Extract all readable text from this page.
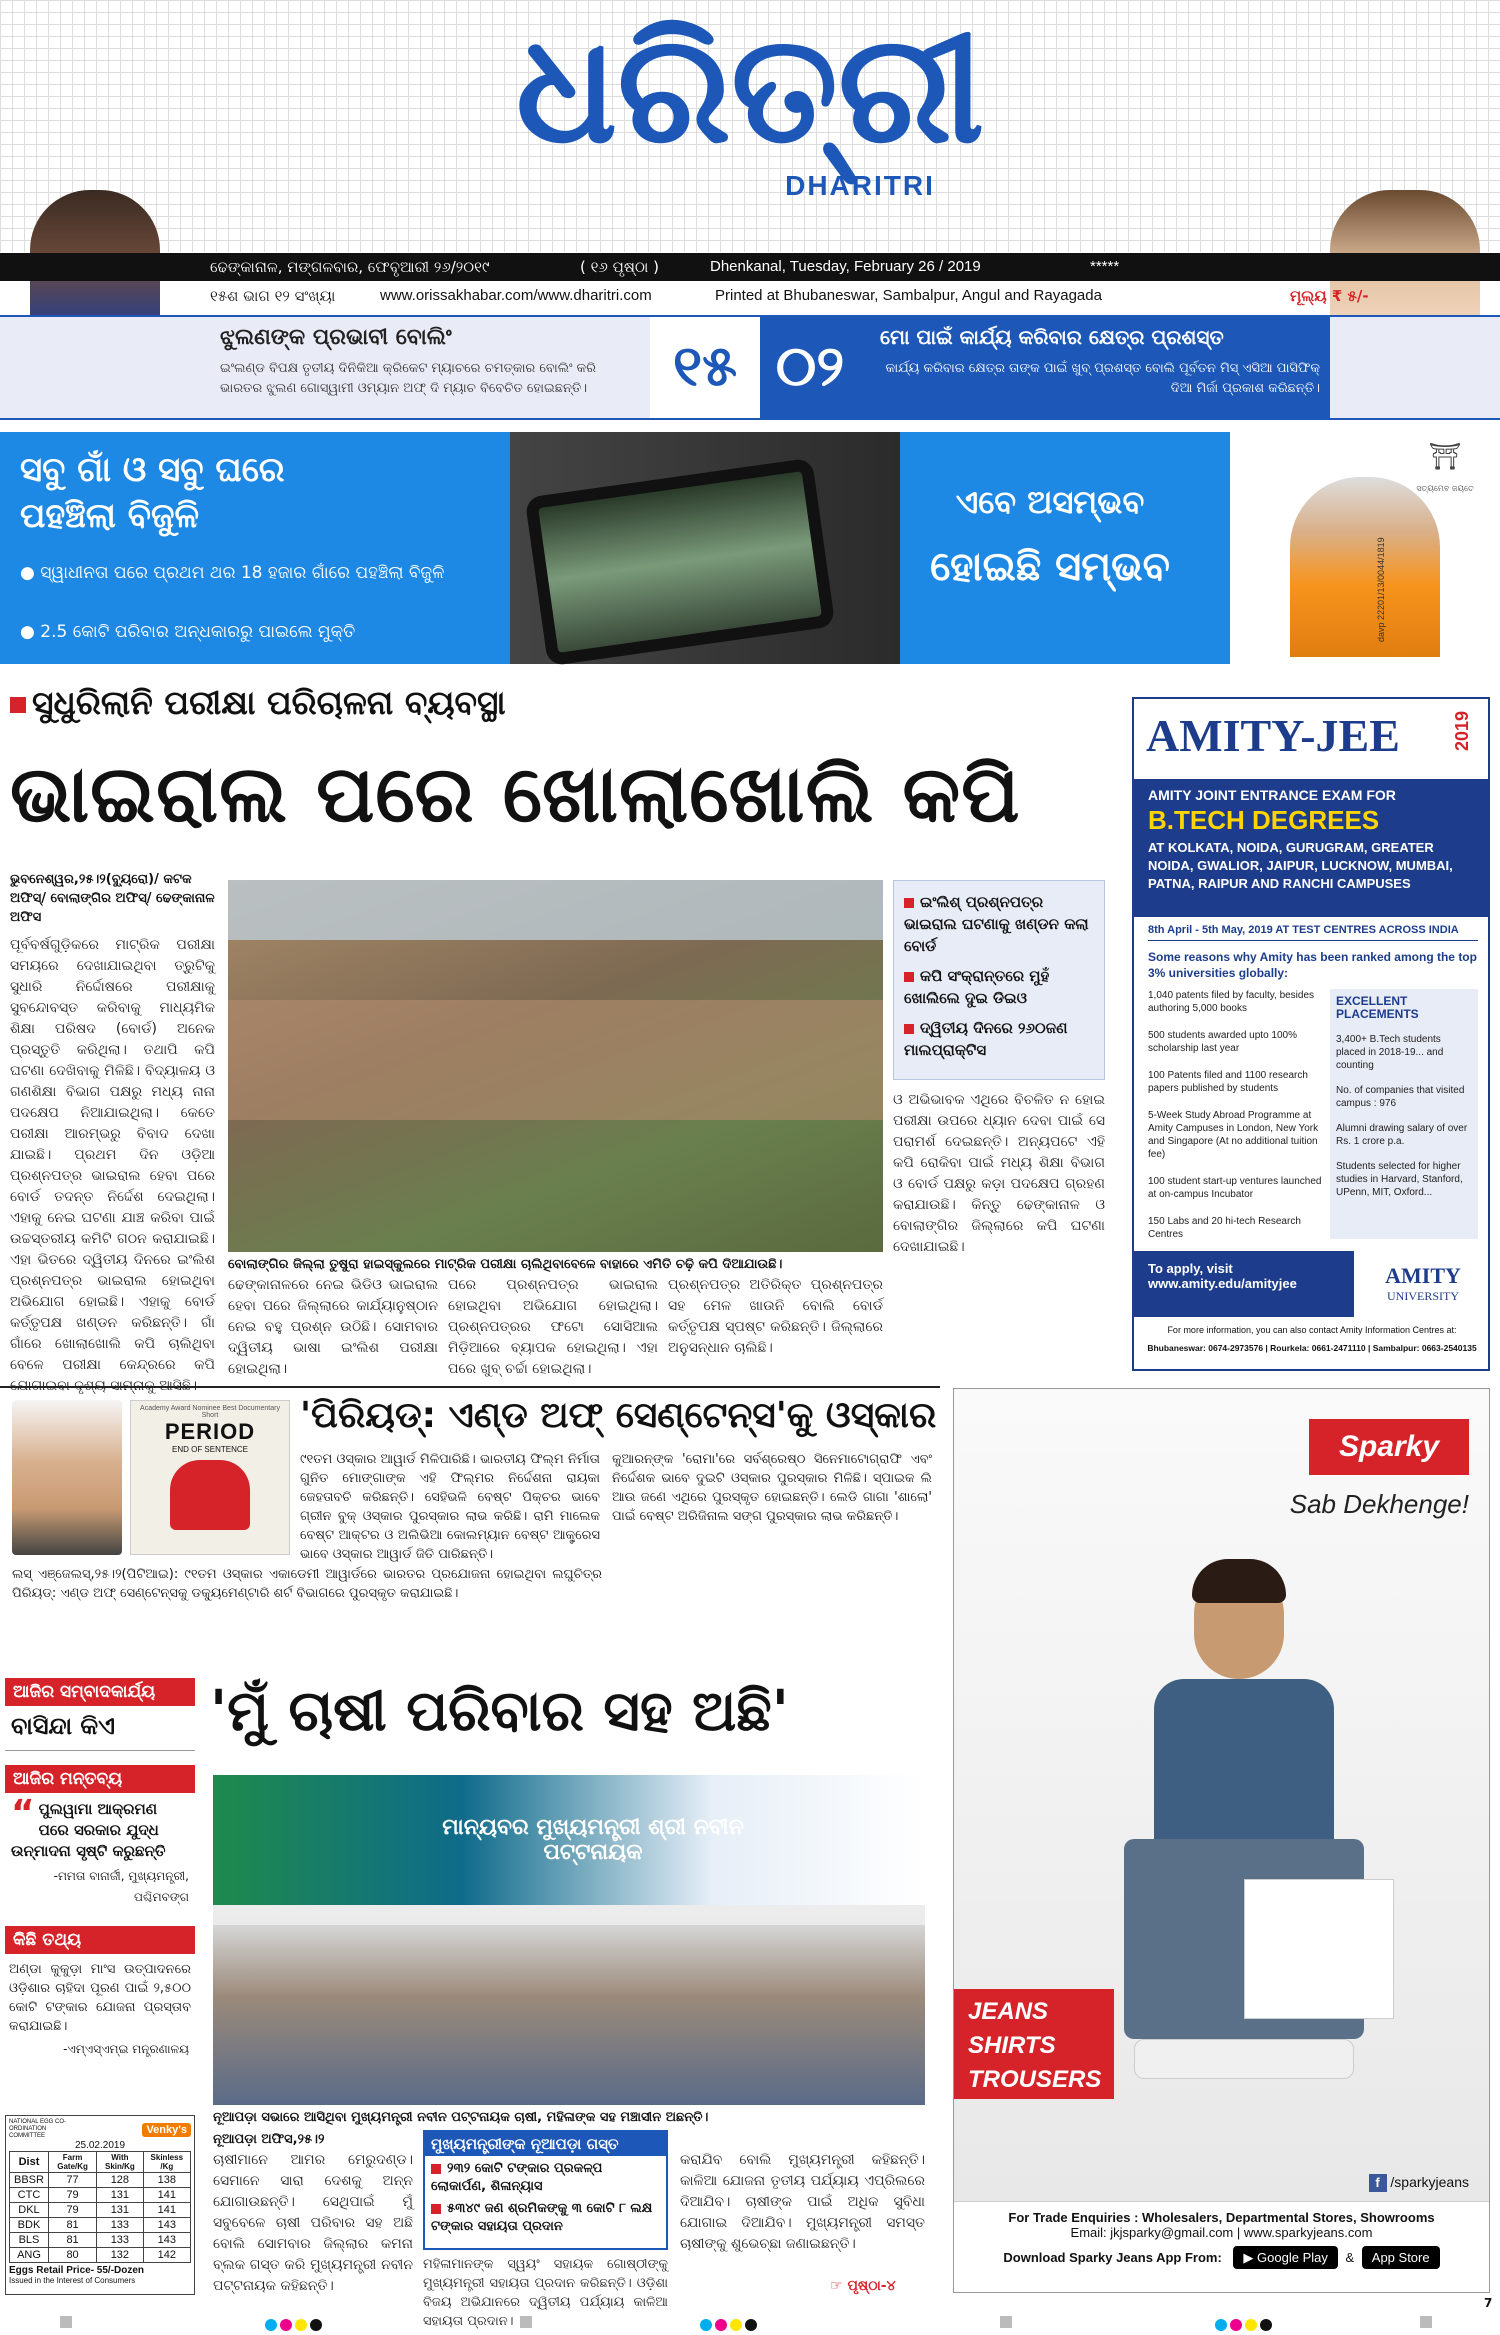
ଧରିତ୍ରୀ
DHARITRI
ଢେଙ୍କାନାଳ, ମଙ୍ଗଳବାର, ଫେବୃଆରୀ ୨୬/୨୦୧୯	( ୧୬ ପୃଷ୍ଠା )	Dhenkanal, Tuesday, February 26 / 2019	*****
୧୫ଶ ଭାଗ ୧୨ ସଂଖ୍ୟା	www.orissakhabar.com/www.dharitri.com	Printed at Bhubaneswar, Sambalpur, Angul and Rayagada	ମୂଲ୍ୟ ₹ ୫/-
ଝୁଲଣଙ୍କ ପ୍ରଭାବୀ ବୋଲିଂ
ଇଂଲଣ୍ଡ ବିପକ୍ଷ ତୃତୀୟ ଦିନିକିଆ କ୍ରିକେଟ ମ୍ୟାଚରେ ଚମତ୍କାର ବୋଲିଂ କରି ଭାରତର ଝୁଲଣ ଗୋସ୍ୱାମୀ ଓମ୍ୟାନ ଅଫ୍ ଦି ମ୍ୟାଚ ବିବେଚିତ ହୋଇଛନ୍ତି।	୧୫ ୦୨	ମୋ ପାଇଁ କାର୍ଯ୍ୟ କରିବାର କ୍ଷେତ୍ର ପ୍ରଶସ୍ତ
କାର୍ଯ୍ୟ କରିବାର କ୍ଷେତ୍ର ତାଙ୍କ ପାଇଁ ଖୁବ୍ ପ୍ରଶସ୍ତ ବୋଲି ପୂର୍ବତନ ମିସ୍ ଏସିଆ ପାସିଫିକ୍ ଦିଆ ମିର୍ଜା ପ୍ରକାଶ କରିଛନ୍ତି।
ସବୁ ଗାଁ ଓ ସବୁ ଘରେ
ପହଞ୍ଚିଲା ବିଜୁଳି
● ସ୍ୱାଧୀନତା ପରେ ପ୍ରଥମ ଥର 18 ହଜାର ଗାଁରେ ପହଞ୍ଚିଲା ବିଜୁଳି
● 2.5 କୋଟି ପରିବାର ଅନ୍ଧକାରରୁ ପାଇଲେ ମୁକ୍ତି
ଏବେ ଅସମ୍ଭବ
ହୋଇଛି ସମ୍ଭବ
⛩
ସତ୍ୟମେବ ଜୟତେ
davp 22201/13/0044/1819
ସୁଧୁରିଲାନି ପରୀକ୍ଷା ପରିଚାଳନା ବ୍ୟବସ୍ଥା
ଭାଇରାଲ ପରେ ଖୋଲାଖୋଲି କପି
ଭୁବନେଶ୍ୱର,୨୫।୨(ବ୍ୟୁରୋ)/ କଟକ ଅଫିସ୍/ ବୋଲାଙ୍ଗିର ଅଫିସ୍/ ଢେଙ୍କାନାଳ ଅଫିସ
ପୂର୍ବବର୍ଷଗୁଡ଼ିକରେ ମାଟ୍ରିକ ପରୀକ୍ଷା ସମୟରେ ଦେଖାଯାଇଥିବା ତ୍ରୁଟିକୁ ସୁଧାରି ନିର୍ଦ୍ଦୋଷରେ ପରୀକ୍ଷାକୁ ସୁବନ୍ଦୋବସ୍ତ କରିବାକୁ ମାଧ୍ୟମିକ ଶିକ୍ଷା ପରିଷଦ (ବୋର୍ଡ) ଅନେକ ପ୍ରସ୍ତୁତି କରିଥିଲା। ତଥାପି କପି ଘଟଣା ଦେଖିବାକୁ ମିଳିଛି। ବିଦ୍ୟାଳୟ ଓ ଗଣଶିକ୍ଷା ବିଭାଗ ପକ୍ଷରୁ ମଧ୍ୟ ନାନା ପଦକ୍ଷେପ ନିଆଯାଇଥିଲା। କେତେ ପରୀକ୍ଷା ଆରମ୍ଭରୁ ବିବାଦ ଦେଖା ଯାଇଛି। ପ୍ରଥମ ଦିନ ଓଡ଼ିଆ ପ୍ରଶ୍ନପତ୍ର ଭାଇରାଲ ହେବା ପରେ ବୋର୍ଡ ତଦନ୍ତ ନିର୍ଦ୍ଦେଶ ଦେଇଥିଲା। ଏହାକୁ ନେଇ ଘଟଣା ଯାଞ୍ଚ କରିବା ପାଇଁ ଉଚ୍ଚସ୍ତରୀୟ କମିଟି ଗଠନ କରାଯାଇଛି। ଏହା ଭିତରେ ଦ୍ୱିତୀୟ ଦିନରେ ଇଂଲିଶ ପ୍ରଶ୍ନପତ୍ର ଭାଇରାଲ ହୋଇଥିବା ଅଭିଯୋଗ ହୋଇଛି। ଏହାକୁ ବୋର୍ଡ କର୍ତ୍ତୃପକ୍ଷ ଖଣ୍ଡନ କରିଛନ୍ତି। ଗାଁ ଗାଁରେ ଖୋଲାଖୋଲି କପି ଚାଲିଥିବା ବେଳେ ପରୀକ୍ଷା କେନ୍ଦ୍ରରେ କପି ଯୋଗାଇବା ଦୃଶ୍ୟ ସାମ୍ନାକୁ ଆସିଛି।
ବୋଲାଙ୍ଗିର ଜିଲ୍ଲା ତୁଷୁରା ହାଇସ୍କୁଲରେ ମାଟ୍ରିକ ପରୀକ୍ଷା ଚାଲିଥିବାବେଳେ ବାହାରେ ଏମିତି ଚଢ଼ି କପି ଦିଆଯାଉଛି।
ଢେଙ୍କାନାଳରେ ନେଇ ଭିଡିଓ ଭାଇରାଲ ହେବା ପରେ ଜିଲ୍ଲାରେ କାର୍ଯ୍ୟାନୁଷ୍ଠାନ ନେଇ ବହୁ ପ୍ରଶ୍ନ ଉଠିଛି। ସୋମବାର ଦ୍ୱିତୀୟ ଭାଷା ଇଂଲିଶ ପରୀକ୍ଷା ହୋଇଥିଲା।
ପରେ ପ୍ରଶ୍ନପତ୍ର ଭାଇରାଲ ହୋଇଥିବା ଅଭିଯୋଗ ହୋଇଥିଲା। ପ୍ରଶ୍ନପତ୍ରର ଫଟୋ ସୋସିଆଲ ମିଡ଼ିଆରେ ବ୍ୟାପକ ହୋଇଥିଲା। ଏହା ପରେ ଖୁବ୍ ଚର୍ଚ୍ଚା ହୋଇଥିଲା।
ପ୍ରଶ୍ନପତ୍ର ଅତିରିକ୍ତ ପ୍ରଶ୍ନପତ୍ର ସହ ମେଳ ଖାଉନି ବୋଲି ବୋର୍ଡ କର୍ତ୍ତୃପକ୍ଷ ସ୍ପଷ୍ଟ କରିଛନ୍ତି। ଜିଲ୍ଲାରେ ଅନୁସନ୍ଧାନ ଚାଲିଛି।
ଇଂଲିଶ୍ ପ୍ରଶ୍ନପତ୍ର ଭାଇରାଲ ଘଟଣାକୁ ଖଣ୍ଡନ କଲା ବୋର୍ଡ
କପି ସଂକ୍ରାନ୍ତରେ ମୁହଁ ଖୋଲିଲେ ଦୁଇ ଡିଇଓ
ଦ୍ୱିତୀୟ ଦିନରେ ୨୬୦ଜଣ ମାଲପ୍ରାକ୍ଟିସ
ଓ ଅଭିଭାବକ ଏଥିରେ ବିଚଳିତ ନ ହୋଇ ପରୀକ୍ଷା ଉପରେ ଧ୍ୟାନ ଦେବା ପାଇଁ ସେ ପରାମର୍ଶ ଦେଇଛନ୍ତି। ଅନ୍ୟପଟେ ଏହି କପି ରୋକିବା ପାଇଁ ମଧ୍ୟ ଶିକ୍ଷା ବିଭାଗ ଓ ବୋର୍ଡ ପକ୍ଷରୁ କଡ଼ା ପଦକ୍ଷେପ ଗ୍ରହଣ କରାଯାଉଛି। କିନ୍ତୁ ଢେଙ୍କାନାଳ ଓ ବୋଲାଙ୍ଗିର ଜିଲ୍ଲାରେ କପି ଘଟଣା ଦେଖାଯାଇଛି।
AMITY-JEE	2019
AMITY JOINT ENTRANCE EXAM FOR
B.TECH DEGREES
AT KOLKATA, NOIDA, GURUGRAM, GREATER NOIDA, GWALIOR, JAIPUR, LUCKNOW, MUMBAI, PATNA, RAIPUR AND RANCHI CAMPUSES
8th April - 5th May, 2019 AT TEST CENTRES ACROSS INDIA
Some reasons why Amity has been ranked among the top 3% universities globally:
1,040 patents filed by faculty, besides authoring 5,000 books
500 students awarded upto 100% scholarship last year
100 Patents filed and 1100 research papers published by students
5-Week Study Abroad Programme at Amity Campuses in London, New York and Singapore (At no additional tuition fee)
100 student start-up ventures launched at on-campus Incubator
150 Labs and 20 hi-tech Research Centres
EXCELLENT PLACEMENTS
3,400+ B.Tech students placed in 2018-19... and counting
No. of companies that visited campus : 976
Alumni drawing salary of over Rs. 1 crore p.a.
Students selected for higher studies in Harvard, Stanford, UPenn, MIT, Oxford...
To apply, visit
www.amity.edu/amityjee	AMITY
UNIVERSITY
For more information, you can also contact Amity Information Centres at:
Bhubaneswar: 0674-2973576 | Rourkela: 0661-2471110 | Sambalpur: 0663-2540135
Academy Award Nominee Best Documentary Short
PERIOD
END OF SENTENCE
'ପିରିୟଡ୍: ଏଣ୍ଡ ଅଫ୍ ସେଣ୍ଟେନ୍ସ'କୁ ଓସ୍କାର
୯୧ତମ ଓସ୍କାର ଆୱାର୍ଡ ମିଳିପାରିଛି। ଭାରତୀୟ ଫିଲ୍ମ ନିର୍ମାତା ଗୁନିତ ମୋଙ୍ଗାଙ୍କ ଏହି ଫିଲ୍ମର ନିର୍ଦ୍ଦେଶନା ରାୟକା ଜେହତାବଚି କରିଛନ୍ତି। ସେହିଭଳି ବେଷ୍ଟ ପିକ୍ଚର ଭାବେ ଗ୍ରୀନ ବୁକ୍ ଓସ୍କାର ପୁରସ୍କାର ଲାଭ କରିଛି। ରାମି ମାଲେକ ବେଷ୍ଟ ଆକ୍ଟର ଓ ଅଲିଭିଆ କୋଲମ୍ୟାନ ବେଷ୍ଟ ଆକ୍ଟ୍ରେସ ଭାବେ ଓସ୍କାର ଆୱାର୍ଡ ଜିତି ପାରିଛନ୍ତି।
କୁଆରନ୍ଙ୍କ 'ରୋମା'ରେ ସର୍ବଶ୍ରେଷ୍ଠ ସିନେମାଟୋଗ୍ରାଫି ଏବଂ ନିର୍ଦ୍ଦେଶକ ଭାବେ ଦୁଇଟି ଓସ୍କାର ପୁରସ୍କାର ମିଳିଛି। ସ୍ପାଇକ ଲି ଆଉ ଜଣେ ଏଥିରେ ପୁରସ୍କୃତ ହୋଇଛନ୍ତି। ଲେଡି ଗାଗା 'ଶାଲୋ' ପାଇଁ ବେଷ୍ଟ ଅରିଜିନାଲ ସଙ୍ଗ ପୁରସ୍କାର ଲାଭ କରିଛନ୍ତି।
ଲସ୍ ଏଞ୍ଜେଲସ୍,୨୫।୨(ପିଟିଆଇ): ୯୧ତମ ଓସ୍କାର ଏକାଡେମୀ ଆୱାର୍ଡରେ ଭାରତର ପ୍ରଯୋଜନା ହୋଇଥିବା ଲଘୁଚିତ୍ର ପିରିୟଡ୍: ଏଣ୍ଡ ଅଫ୍ ସେଣ୍ଟେନ୍ସକୁ ଡକ୍ୟୁମେଣ୍ଟାରି ଶର୍ଟ ବିଭାଗରେ ପୁରସ୍କୃତ କରାଯାଇଛି।
Sparky
Sab Dekhenge!
JEANS
SHIRTS
TROUSERS
f /sparkyjeans
For Trade Enquiries : Wholesalers, Departmental Stores, Showrooms
Email: jkjsparky@gmail.com | www.sparkyjeans.com
Download Sparky Jeans App From: ▶ Google Play & App Store
ଆଜିର ସମ୍ବାଦକାର୍ଯ୍ୟ
ବାସିନ୍ଦା କିଏ
ଆଜିର ମନ୍ତବ୍ୟ
“ ପୁଲୱାମା ଆକ୍ରମଣ ପରେ ସରକାର ଯୁଦ୍ଧ ଉନ୍ମାଦନା ସୃଷ୍ଟି କରୁଛନ୍ତି
-ମମତା ବାନାର୍ଜୀ, ମୁଖ୍ୟମନ୍ତ୍ରୀ, ପଶ୍ଚିମବଙ୍ଗ
କିଛି ତଥ୍ୟ
ଅଣ୍ଡା କୁକୁଡ଼ା ମାଂସ ଉତ୍ପାଦନରେ ଓଡ଼ିଶାର ଚାହିଦା ପୂରଣ ପାଇଁ ୨,୫୦୦ କୋଟି ଟଙ୍କାର ଯୋଜନା ପ୍ରସ୍ତାବ କରାଯାଇଛି।
-ଏମ୍‌ଏସ୍‌ଏମ୍‌ଇ ମନ୍ତ୍ରଣାଳୟ
NATIONAL EGG CO-ORDINATION COMMITTEE
Venky's
25.02.2019
Dist	Farm Gate/Kg	With Skin/Kg	Skinless /Kg
BBSR	77	128	138
CTC	79	131	141
DKL	79	131	141
BDK	81	133	143
BLS	81	133	143
ANG	80	132	142
Eggs Retail Price- 55/-Dozen
Issued in the Interest of Consumers
'ମୁଁ ଚାଷୀ ପରିବାର ସହ ଅଛି'
ମାନ୍ୟବର ମୁଖ୍ୟମନ୍ତ୍ରୀ ଶ୍ରୀ ନବୀନ ପଟ୍ଟନାୟକ
ନୂଆପଡ଼ା ସଭାରେ ଆସିଥିବା ମୁଖ୍ୟମନ୍ତ୍ରୀ ନବୀନ ପଟ୍ଟନାୟକ ଚାଷୀ, ମହିଳାଙ୍କ ସହ ମଞ୍ଚାସୀନ ଅଛନ୍ତି।
ନୂଆପଡ଼ା ଅଫିସ,୨୫।୨
ଚାଷୀମାନେ ଆମର ମେରୁଦଣ୍ଡ। ସେମାନେ ସାରା ଦେଶକୁ ଅନ୍ନ ଯୋଗାଉଛନ୍ତି। ସେଥିପାଇଁ ମୁଁ ସବୁବେଳେ ଚାଷୀ ପରିବାର ସହ ଅଛି ବୋଲି ସୋମବାର ଜିଲ୍ଲାର କମନା ବ୍ଲକ ଗସ୍ତ କରି ମୁଖ୍ୟମନ୍ତ୍ରୀ ନବୀନ ପଟ୍ଟନାୟକ କହିଛନ୍ତି।
ମୁଖ୍ୟମନ୍ତ୍ରୀଙ୍କ ନୂଆପଡ଼ା ଗସ୍ତ
୨୩୨ କୋଟି ଟଙ୍କାର ପ୍ରକଳ୍ପ ଲୋକାର୍ପଣ, ଶିଳାନ୍ୟାସ
୫୩୪୯ ଜଣ ଶ୍ରମିକଙ୍କୁ ୩ କୋଟି ୮ ଲକ୍ଷ ଟଙ୍କାର ସହାୟତା ପ୍ରଦାନ
ମହିଳାମାନଙ୍କ ସ୍ୱୟଂ ସହାୟକ ଗୋଷ୍ଠୀଙ୍କୁ ମୁଖ୍ୟମନ୍ତ୍ରୀ ସହାୟତା ପ୍ରଦାନ କରିଛନ୍ତି। ଓଡ଼ିଶା ବିଜୟ ଅଭିଯାନରେ ଦ୍ୱିତୀୟ ପର୍ଯ୍ୟାୟ କାଳିଆ ସହାୟତା ପ୍ରଦାନ।
କରାଯିବ ବୋଲି ମୁଖ୍ୟମନ୍ତ୍ରୀ କହିଛନ୍ତି। କାଳିଆ ଯୋଜନା ତୃତୀୟ ପର୍ଯ୍ୟାୟ ଏପ୍ରିଲରେ ଦିଆଯିବ। ଚାଷୀଙ୍କ ପାଇଁ ଅଧିକ ସୁବିଧା ଯୋଗାଇ ଦିଆଯିବ। ମୁଖ୍ୟମନ୍ତ୍ରୀ ସମସ୍ତ ଚାଷୀଙ୍କୁ ଶୁଭେଚ୍ଛା ଜଣାଇଛନ୍ତି।
☞ ପୃଷ୍ଠା-୪
7
